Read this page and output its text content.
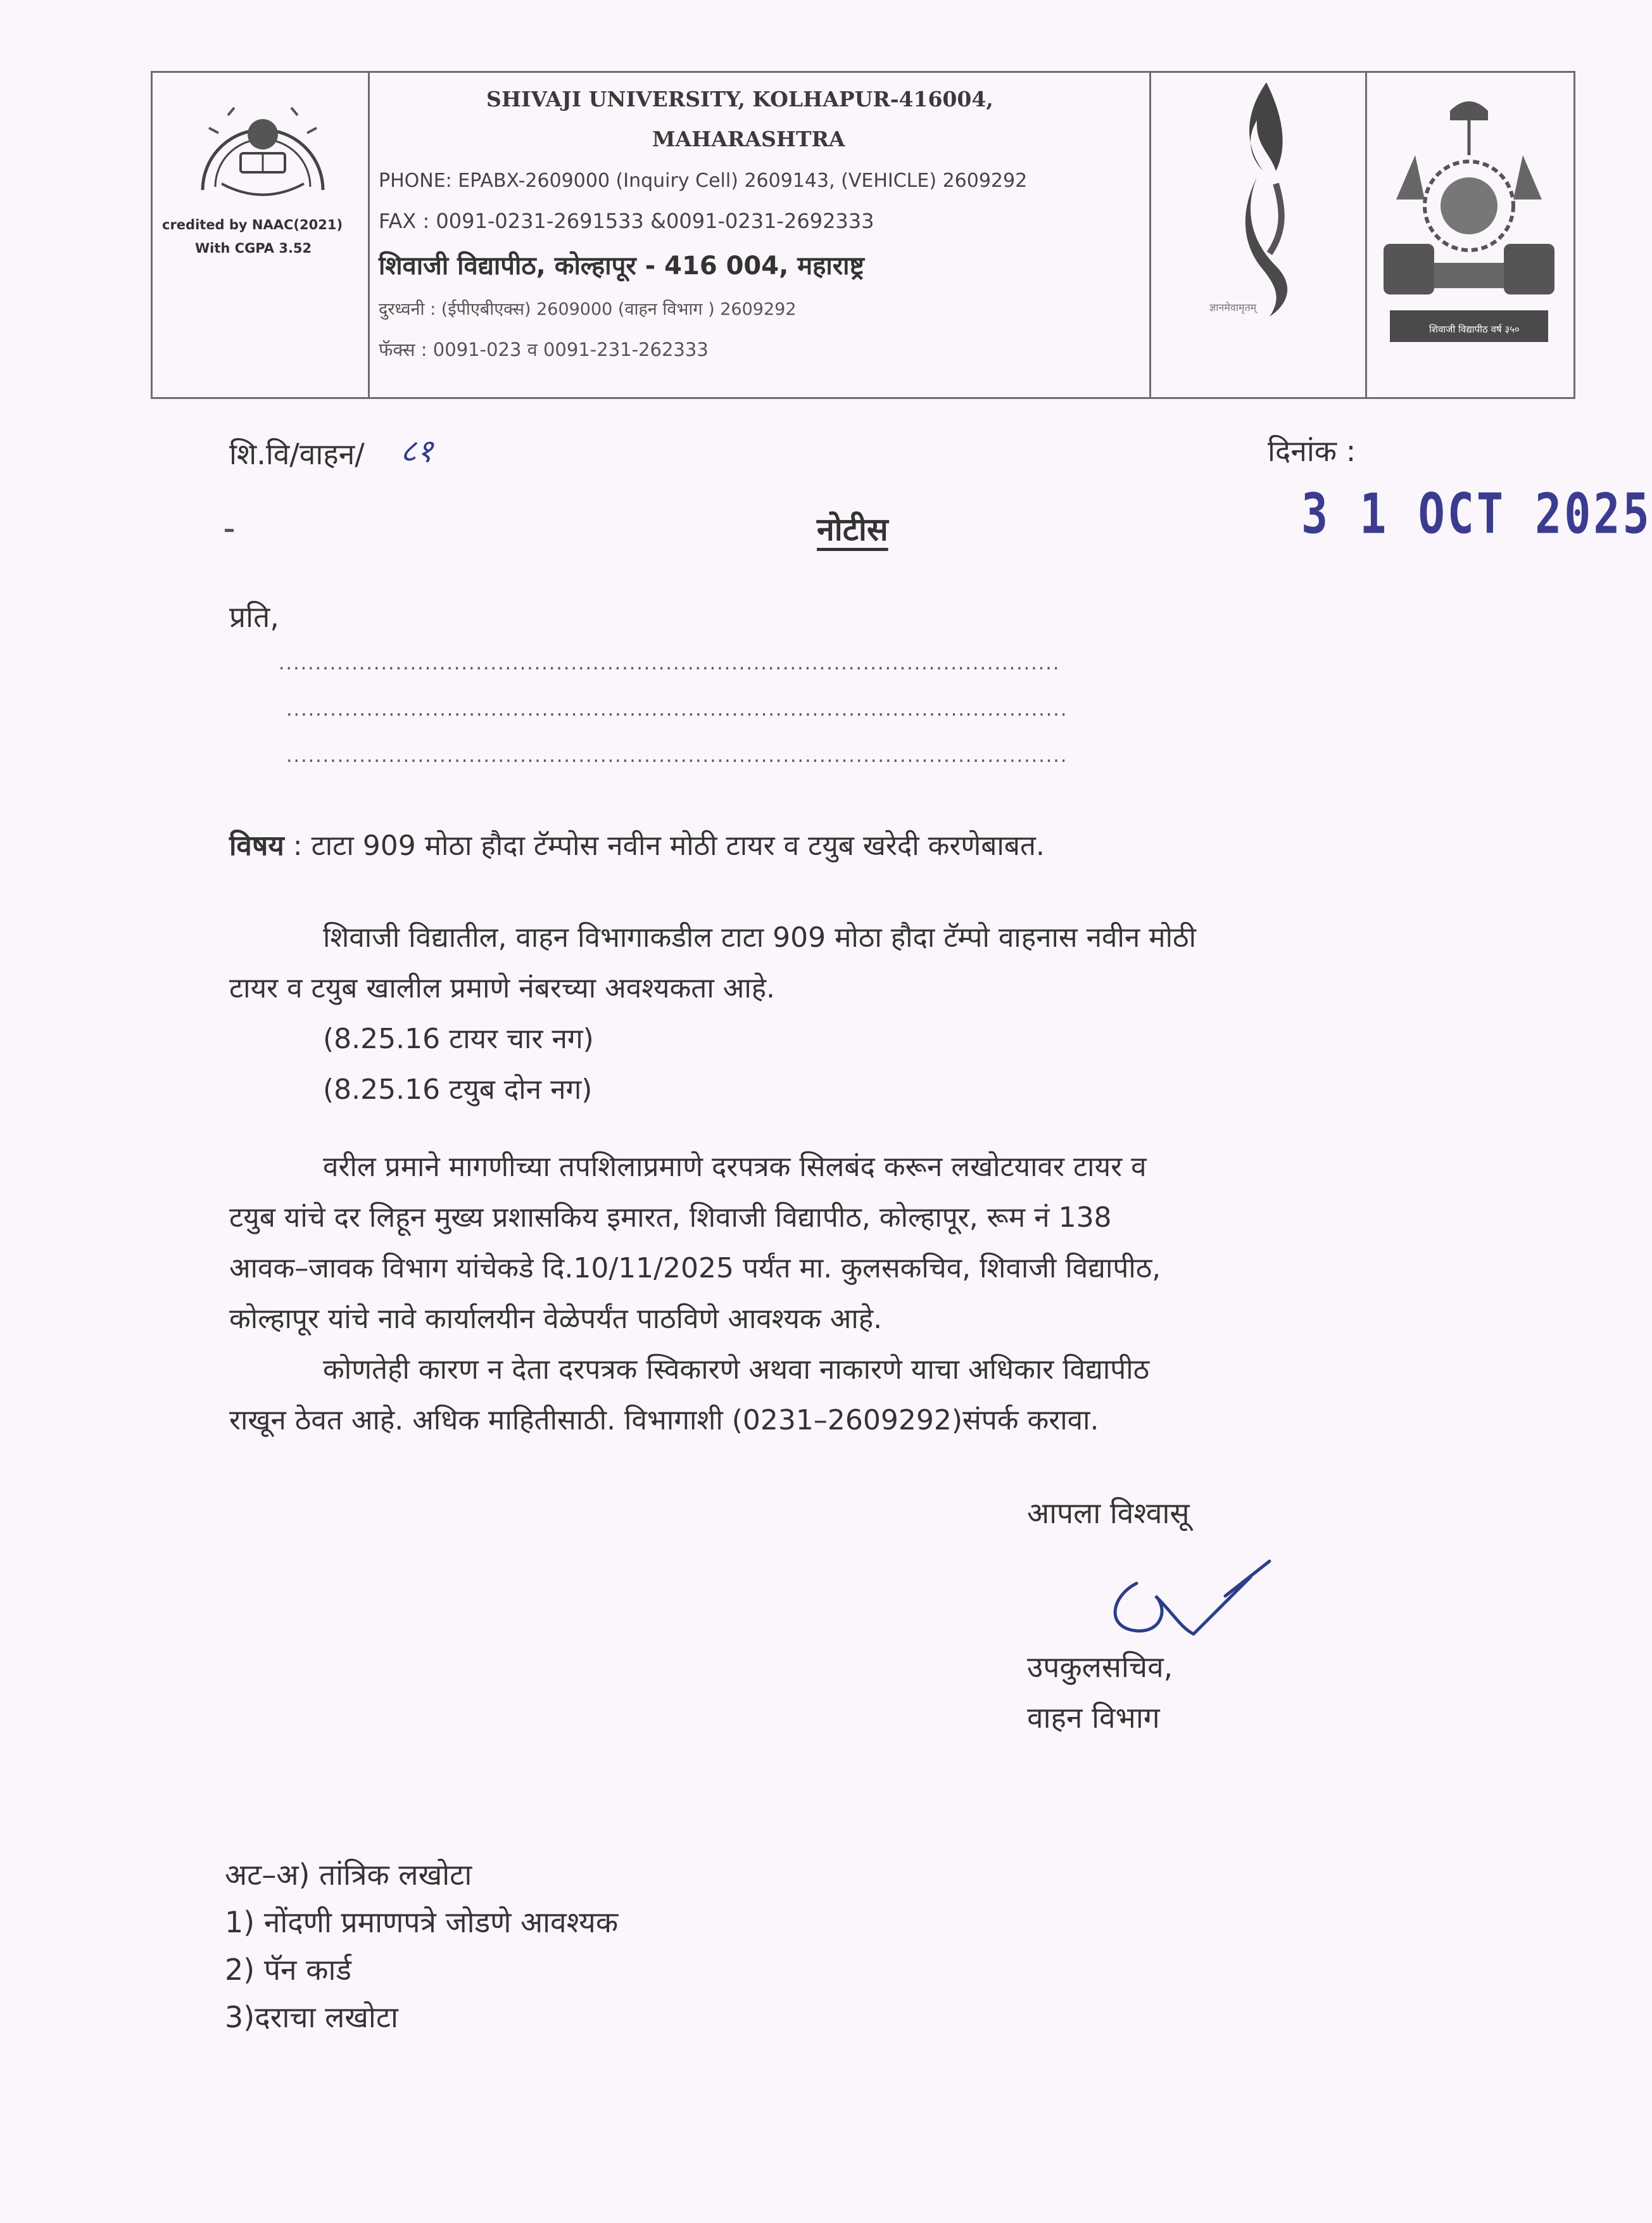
credited by NAAC(2021)
With CGPA 3.52
SHIVAJI UNIVERSITY, KOLHAPUR-416004,
MAHARASHTRA
PHONE: EPABX-2609000 (Inquiry Cell) 2609143, (VEHICLE) 2609292
FAX : 0091-0231-2691533 &0091-0231-2692333
शिवाजी विद्यापीठ, कोल्हापूर - 416 004, महाराष्ट्र
दुरध्वनी : (ईपीएबीएक्स) 2609000 (वाहन विभाग ) 2609292
फॅक्स : 0091-023 व 0091-231-262333
ज्ञानमेवामृतम्
शिवाजी विद्यापीठ वर्ष ३५०
शि.वि/वाहन/ ८१	दिनांक :
3 1 OCT 2025
नोटीस
प्रति,
...........................................................................................................
...........................................................................................................
...........................................................................................................
विषय : टाटा 909 मोठा हौदा टॅम्पोस नवीन मोठी टायर व टयुब खरेदी करणेबाबत.
शिवाजी विद्यातील, वाहन विभागाकडील टाटा 909 मोठा हौदा टॅम्पो वाहनास नवीन मोठी
टायर व टयुब खालील प्रमाणे नंबरच्या अवश्यकता आहे.
(8.25.16 टायर चार नग)
(8.25.16 टयुब दोन नग)
वरील प्रमाने मागणीच्या तपशिलाप्रमाणे दरपत्रक सिलबंद करून लखोटयावर टायर व
टयुब यांचे दर लिहून मुख्य प्रशासकिय इमारत, शिवाजी विद्यापीठ, कोल्हापूर, रूम नं 138
आवक–जावक विभाग यांचेकडे दि.10/11/2025 पर्यंत मा. कुलसकचिव, शिवाजी विद्यापीठ,
कोल्हापूर यांचे नावे कार्यालयीन वेळेपर्यंत पाठविणे आवश्यक आहे.
कोणतेही कारण न देता दरपत्रक स्विकारणे अथवा नाकारणे याचा अधिकार विद्यापीठ
राखून ठेवत आहे. अधिक माहितीसाठी. विभागाशी (0231–2609292)संपर्क करावा.
आपला विश्वासू
उपकुलसचिव,
वाहन विभाग
अट–अ) तांत्रिक लखोटा
1) नोंदणी प्रमाणपत्रे जोडणे आवश्यक
2) पॅन कार्ड
3)दराचा लखोटा
